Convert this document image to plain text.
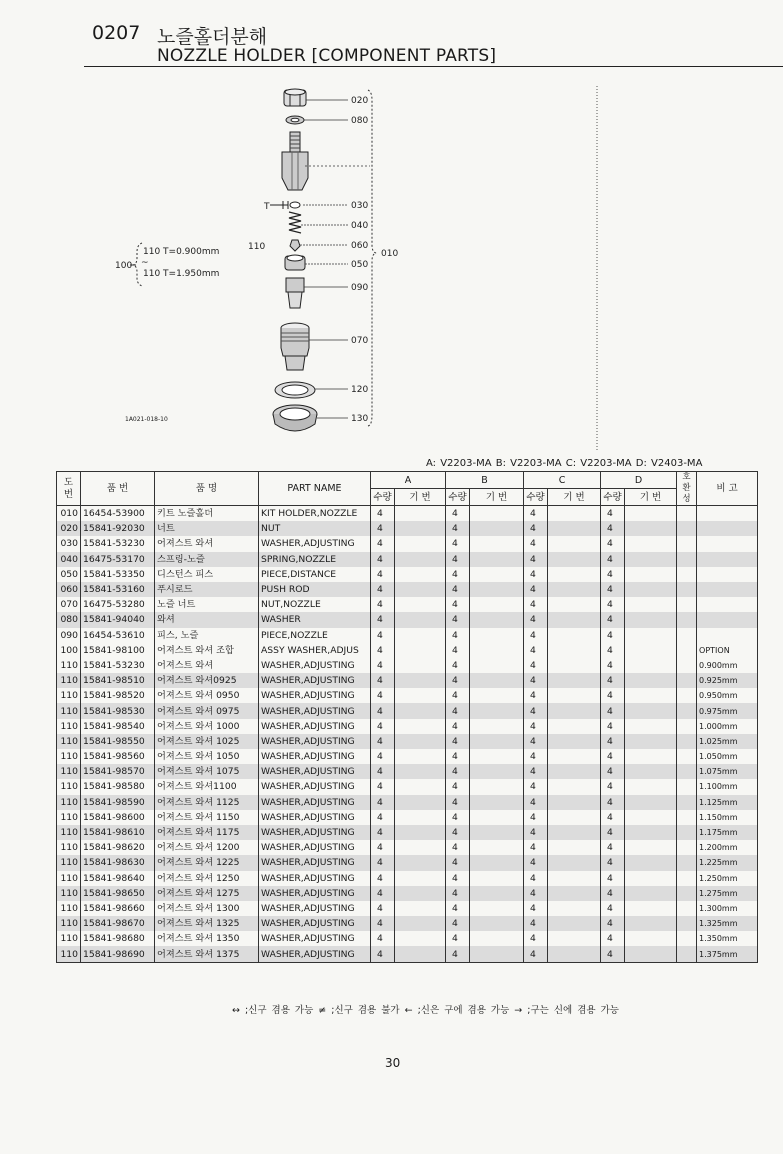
0207 노즐홀더분해
NOZZLE HOLDER [COMPONENT PARTS]
020
080
030
040
060
050
090
070
120
130
010
T
110
100
110 T=0.900mm
~
110 T=1.950mm
1A021-018-10
A: V2203-MA B: V2203-MA C: V2203-MA D: V2403-MA
도 번	품 번	품 명	PART NAME	A		B		C		D		호 환 성	비 고
				수량	기 번	수량	기 번	수량	기 번	수량	기 번		
010	16454-53900	키트 노즐홀더	KIT HOLDER,NOZZLE	4		4		4		4			
020	15841-92030	너트	NUT	4		4		4		4			
030	15841-53230	어져스트 와셔	WASHER,ADJUSTING	4		4		4		4			
040	16475-53170	스프링-노즐	SPRING,NOZZLE	4		4		4		4			
050	15841-53350	디스턴스 피스	PIECE,DISTANCE	4		4		4		4			
060	15841-53160	푸시로드	PUSH ROD	4		4		4		4			
070	16475-53280	노즐 너트	NUT,NOZZLE	4		4		4		4			
080	15841-94040	와셔	WASHER	4		4		4		4			
090	16454-53610	피스, 노즐	PIECE,NOZZLE	4		4		4		4			
100	15841-98100	어져스트 와셔 조합	ASSY WASHER,ADJUS	4		4		4		4			OPTION
110	15841-53230	어져스트 와셔	WASHER,ADJUSTING	4		4		4		4			0.900mm
110	15841-98510	어져스트 와셔0925	WASHER,ADJUSTING	4		4		4		4			0.925mm
110	15841-98520	어져스트 와셔 0950	WASHER,ADJUSTING	4		4		4		4			0.950mm
110	15841-98530	어져스트 와셔 0975	WASHER,ADJUSTING	4		4		4		4			0.975mm
110	15841-98540	어져스트 와셔 1000	WASHER,ADJUSTING	4		4		4		4			1.000mm
110	15841-98550	어져스트 와셔 1025	WASHER,ADJUSTING	4		4		4		4			1.025mm
110	15841-98560	어져스트 와셔 1050	WASHER,ADJUSTING	4		4		4		4			1.050mm
110	15841-98570	어져스트 와셔 1075	WASHER,ADJUSTING	4		4		4		4			1.075mm
110	15841-98580	어져스트 와셔1100	WASHER,ADJUSTING	4		4		4		4			1.100mm
110	15841-98590	어져스트 와셔 1125	WASHER,ADJUSTING	4		4		4		4			1.125mm
110	15841-98600	어져스트 와셔 1150	WASHER,ADJUSTING	4		4		4		4			1.150mm
110	15841-98610	어져스트 와셔 1175	WASHER,ADJUSTING	4		4		4		4			1.175mm
110	15841-98620	어져스트 와셔 1200	WASHER,ADJUSTING	4		4		4		4			1.200mm
110	15841-98630	어져스트 와셔 1225	WASHER,ADJUSTING	4		4		4		4			1.225mm
110	15841-98640	어져스트 와셔 1250	WASHER,ADJUSTING	4		4		4		4			1.250mm
110	15841-98650	어져스트 와셔 1275	WASHER,ADJUSTING	4		4		4		4			1.275mm
110	15841-98660	어져스트 와셔 1300	WASHER,ADJUSTING	4		4		4		4			1.300mm
110	15841-98670	어져스트 와셔 1325	WASHER,ADJUSTING	4		4		4		4			1.325mm
110	15841-98680	어져스트 와셔 1350	WASHER,ADJUSTING	4		4		4		4			1.350mm
110	15841-98690	어져스트 와셔 1375	WASHER,ADJUSTING	4		4		4		4			1.375mm
↔ ;신구 겸용 가능 ≠ ;신구 겸용 불가 ← ;신은 구에 겸용 가능 → ;구는 신에 겸용 가능
30
